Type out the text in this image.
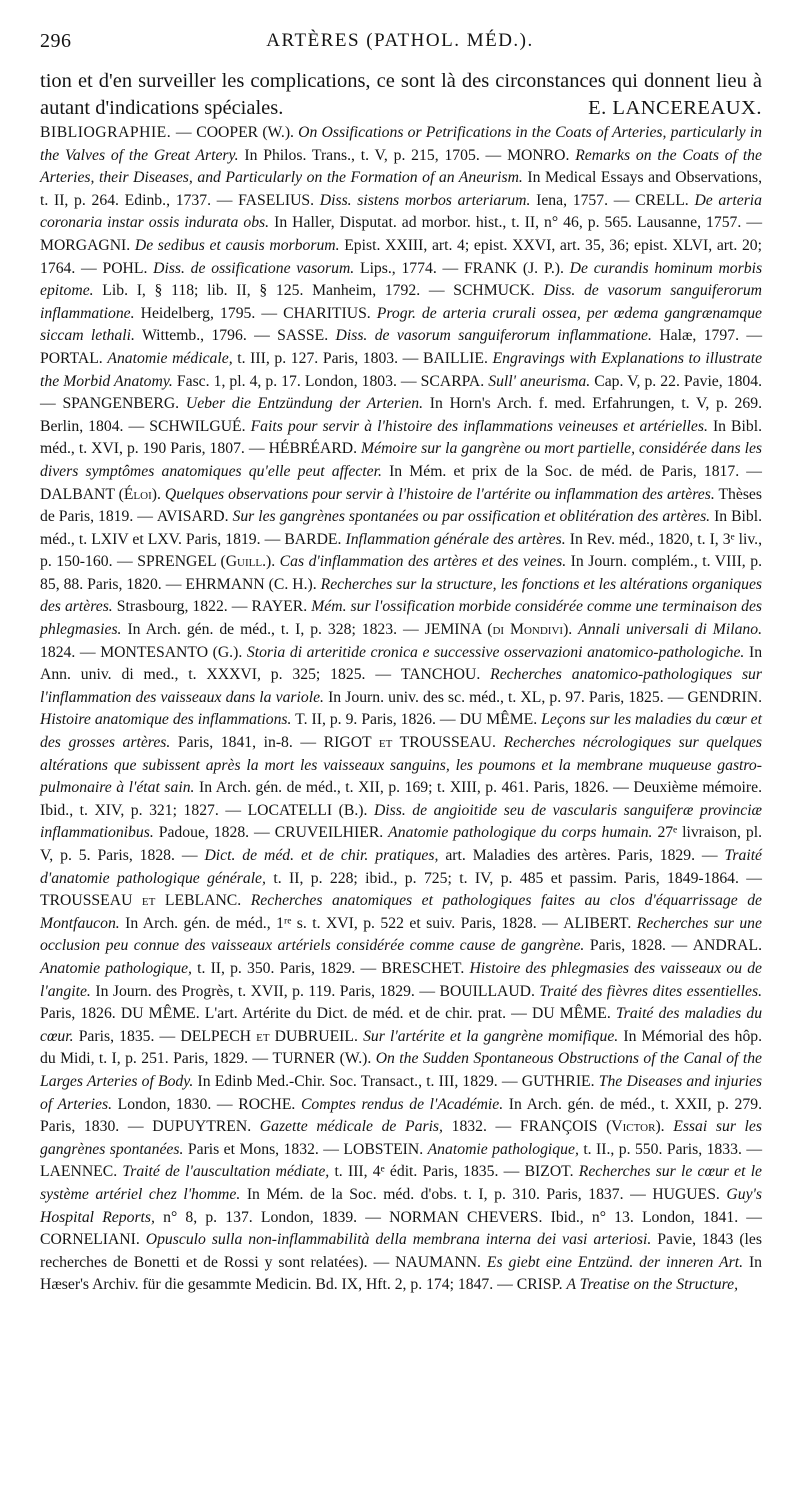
296	ARTÈRES (PATHOL. MÉD.).
tion et d'en surveiller les complications, ce sont là des circonstances qui donnent lieu à autant d'indications spéciales.	E. LANCEREAUX.
BIBLIOGRAPHIE. — COOPER (W.). On Ossifications or Petrifications in the Coats of Arteries, particularly in the Valves of the Great Artery. In Philos. Trans., t. V, p. 215, 1705. — MONRO. Remarks on the Coats of the Arteries, their Diseases, and Particularly on the Formation of an Aneurism. In Medical Essays and Observations, t. II, p. 264. Edinb., 1737. — FASELIUS. Diss. sistens morbos arteriarum. Iena, 1757. — CRELL. De arteria coronaria instar ossis indurata obs. In Haller, Disputat. ad morbor. hist., t. II, n° 46, p. 565. Lausanne, 1757. — MORGAGNI. De sedibus et causis morborum. Epist. XXIII, art. 4; epist. XXVI, art. 35, 36; epist. XLVI, art. 20; 1764. — POHL. Diss. de ossificatione vasorum. Lips., 1774. — FRANK (J. P.). De curandis hominum morbis epitome. Lib. I, § 118; lib. II, § 125. Manheim, 1792. — SCHMUCK. Diss. de vasorum sanguiferorum inflammatione. Heidelberg, 1795. — CHARITIUS. Progr. de arteria crurali ossea, per œdema gangrænamque siccam lethali. Wittemb., 1796. — SASSE. Diss. de vasorum sanguiferorum inflammatione. Halæ, 1797. — PORTAL. Anatomie médicale, t. III, p. 127. Paris, 1803. — BAILLIE. Engravings with Explanations to illustrate the Morbid Anatomy. Fasc. 1, pl. 4, p. 17. London, 1803. — SCARPA. Sull' aneurisma. Cap. V, p. 22. Pavie, 1804. — SPANGENBERG. Ueber die Entzündung der Arterien. In Horn's Arch. f. med. Erfahrungen, t. V, p. 269. Berlin, 1804. — SCHWILGUÉ. Faits pour servir à l'histoire des inflammations veineuses et artérielles. In Bibl. méd., t. XVI, p. 190 Paris, 1807. — HÉBRÉARD. Mémoire sur la gangrène ou mort partielle, considérée dans les divers symptômes anatomiques qu'elle peut affecter. In Mém. et prix de la Soc. de méd. de Paris, 1817. — DALBANT (Éloi). Quelques observations pour servir à l'histoire de l'artérite ou inflammation des artères. Thèses de Paris, 1819. — AVISARD. Sur les gangrènes spontanées ou par ossification et oblitération des artères. In Bibl. méd., t. LXIV et LXV. Paris, 1819. — BARDE. Inflammation générale des artères. In Rev. méd., 1820, t. I, 3ᵉ liv., p. 150-160. — SPRENGEL (Guill.). Cas d'inflammation des artères et des veines. In Journ. complém., t. VIII, p. 85, 88. Paris, 1820. — EHRMANN (C. H.). Recherches sur la structure, les fonctions et les altérations organiques des artères. Strasbourg, 1822. — RAYER. Mém. sur l'ossification morbide considérée comme une terminaison des phlegmasies. In Arch. gén. de méd., t. I, p. 328; 1823. — JEMINA (di Mondivi). Annali universali di Milano. 1824. — MONTESANTO (G.). Storia di arteritide cronica e successive osservazioni anatomico-pathologiche. In Ann. univ. di med., t. XXXVI, p. 325; 1825. — TANCHOU. Recherches anatomico-pathologiques sur l'inflammation des vaisseaux dans la variole. In Journ. univ. des sc. méd., t. XL, p. 97. Paris, 1825. — GENDRIN. Histoire anatomique des inflammations. T. II, p. 9. Paris, 1826. — DU MÊME. Leçons sur les maladies du cœur et des grosses artères. Paris, 1841, in-8. — RIGOT et TROUSSEAU. Recherches nécrologiques sur quelques altérations que subissent après la mort les vaisseaux sanguins, les poumons et la membrane muqueuse gastro-pulmonaire à l'état sain. In Arch. gén. de méd., t. XII, p. 169; t. XIII, p. 461. Paris, 1826. — Deuxième mémoire. Ibid., t. XIV, p. 321; 1827. — LOCATELLI (B.). Diss. de angioitide seu de vascularis sanguiferæ provinciæ inflammationibus. Padoue, 1828. — CRUVEILHIER. Anatomie pathologique du corps humain. 27ᵉ livraison, pl. V, p. 5. Paris, 1828. — Dict. de méd. et de chir. pratiques, art. Maladies des artères. Paris, 1829. — Traité d'anatomie pathologique générale, t. II, p. 228; ibid., p. 725; t. IV, p. 485 et passim. Paris, 1849-1864. — TROUSSEAU et LEBLANC. Recherches anatomiques et pathologiques faites au clos d'équarrissage de Montfaucon. In Arch. gén. de méd., 1ʳᵉ s. t. XVI, p. 522 et suiv. Paris, 1828. — ALIBERT. Recherches sur une occlusion peu connue des vaisseaux artériels considérée comme cause de gangrène. Paris, 1828. — ANDRAL. Anatomie pathologique, t. II, p. 350. Paris, 1829. — BRESCHET. Histoire des phlegmasies des vaisseaux ou de l'angite. In Journ. des Progrès, t. XVII, p. 119. Paris, 1829. — BOUILLAUD. Traité des fièvres dites essentielles. Paris, 1826. DU MÊME. L'art. Artérite du Dict. de méd. et de chir. prat. — DU MÊME. Traité des maladies du cœur. Paris, 1835. — DELPECH et DUBRUEIL. Sur l'artérite et la gangrène momifique. In Mémorial des hôp. du Midi, t. I, p. 251. Paris, 1829. — TURNER (W.). On the Sudden Spontaneous Obstructions of the Canal of the Larges Arteries of Body. In Edinb Med.-Chir. Soc. Transact., t. III, 1829. — GUTHRIE. The Diseases and injuries of Arteries. London, 1830. — ROCHE. Comptes rendus de l'Académie. In Arch. gén. de méd., t. XXII, p. 279. Paris, 1830. — DUPUYTREN. Gazette médicale de Paris, 1832. — FRANÇOIS (Victor). Essai sur les gangrènes spontanées. Paris et Mons, 1832. — LOBSTEIN. Anatomie pathologique, t. II., p. 550. Paris, 1833. — LAENNEC. Traité de l'auscultation médiate, t. III, 4ᵉ édit. Paris, 1835. — BIZOT. Recherches sur le cœur et le système artériel chez l'homme. In Mém. de la Soc. méd. d'obs. t. I, p. 310. Paris, 1837. — HUGUES. Guy's Hospital Reports, n° 8, p. 137. London, 1839. — NORMAN CHEVERS. Ibid., n° 13. London, 1841. — CORNELIANI. Opusculo sulla non-inflammabilità della membrana interna dei vasi arteriosi. Pavie, 1843 (les recherches de Bonetti et de Rossi y sont relatées). — NAUMANN. Es giebt eine Entzünd. der inneren Art. In Hæser's Archiv. für die gesammte Medicin. Bd. IX, Hft. 2, p. 174; 1847. — CRISP. A Treatise on the Structure,
